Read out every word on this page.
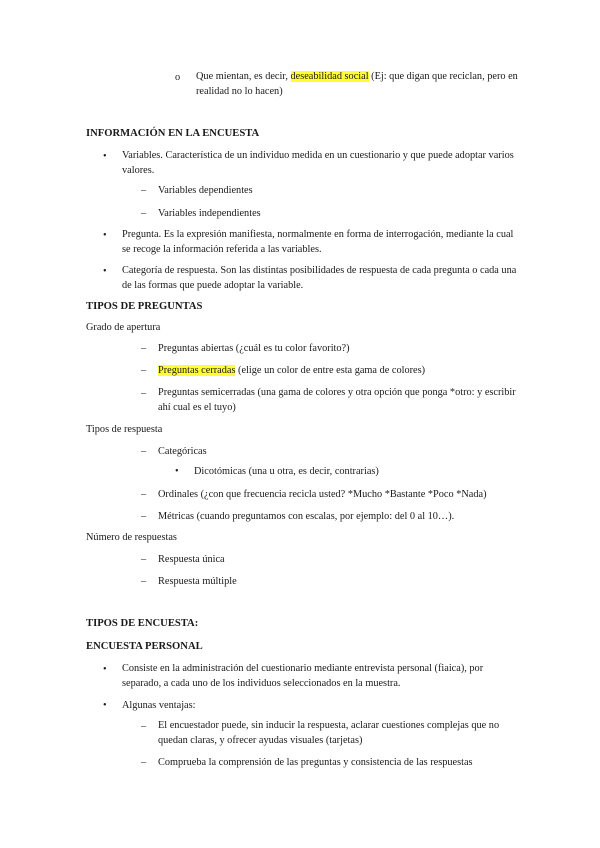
o Que mientan, es decir, deseabilidad social (Ej: que digan que reciclan, pero en realidad no lo hacen)
INFORMACIÓN EN LA ENCUESTA
• Variables. Característica de un individuo medida en un cuestionario y que puede adoptar varios valores.
– Variables dependientes
– Variables independientes
• Pregunta. Es la expresión manifiesta, normalmente en forma de interrogación, mediante la cual se recoge la información referida a las variables.
• Categoría de respuesta. Son las distintas posibilidades de respuesta de cada pregunta o cada una de las formas que puede adoptar la variable.
TIPOS DE PREGUNTAS
Grado de apertura
– Preguntas abiertas (¿cuál es tu color favorito?)
– Preguntas cerradas (elige un color de entre esta gama de colores)
– Preguntas semicerradas (una gama de colores y otra opción que ponga *otro: y escribir ahí cual es el tuyo)
Tipos de respuesta
– Categóricas
• Dicotómicas (una u otra, es decir, contrarias)
– Ordinales (¿con que frecuencia recicla usted? *Mucho *Bastante *Poco *Nada)
– Métricas (cuando preguntamos con escalas, por ejemplo: del 0 al 10…).
Número de respuestas
– Respuesta única
– Respuesta múltiple
TIPOS DE ENCUESTA:
ENCUESTA PERSONAL
• Consiste en la administración del cuestionario mediante entrevista personal (fiaica), por separado, a cada uno de los individuos seleccionados en la muestra.
• Algunas ventajas:
– El encuestador puede, sin inducir la respuesta, aclarar cuestiones complejas que no quedan claras, y ofrecer ayudas visuales (tarjetas)
– Comprueba la comprensión de las preguntas y consistencia de las respuestas
